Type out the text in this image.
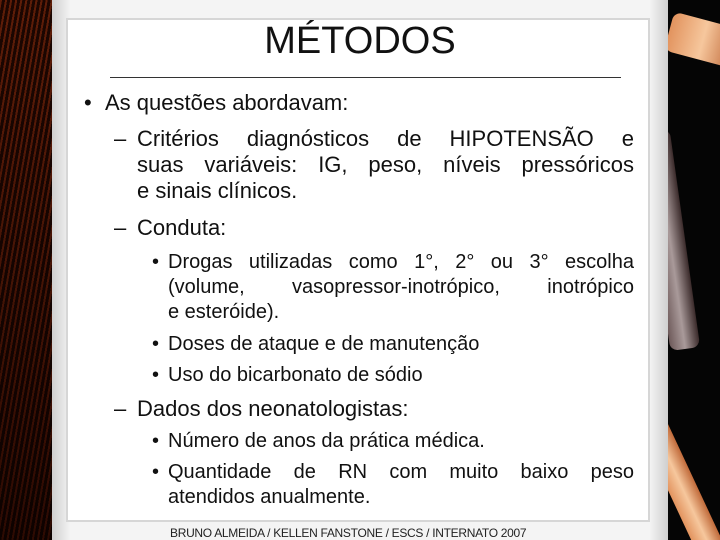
MÉTODOS
• As questões abordavam:
– Critérios diagnósticos de HIPOTENSÃO e
suas variáveis: IG, peso, níveis pressóricos
e sinais clínicos.
– Conduta:
• Drogas utilizadas como 1°, 2° ou 3° escolha
(volume, vasopressor-inotrópico, inotrópico
e esteróide).
• Doses de ataque e de manutenção
• Uso do bicarbonato de sódio
– Dados dos neonatologistas:
• Número de anos da prática médica.
• Quantidade de RN com muito baixo peso
atendidos anualmente.
BRUNO ALMEIDA / KELLEN FANSTONE / ESCS / INTERNATO 2007
